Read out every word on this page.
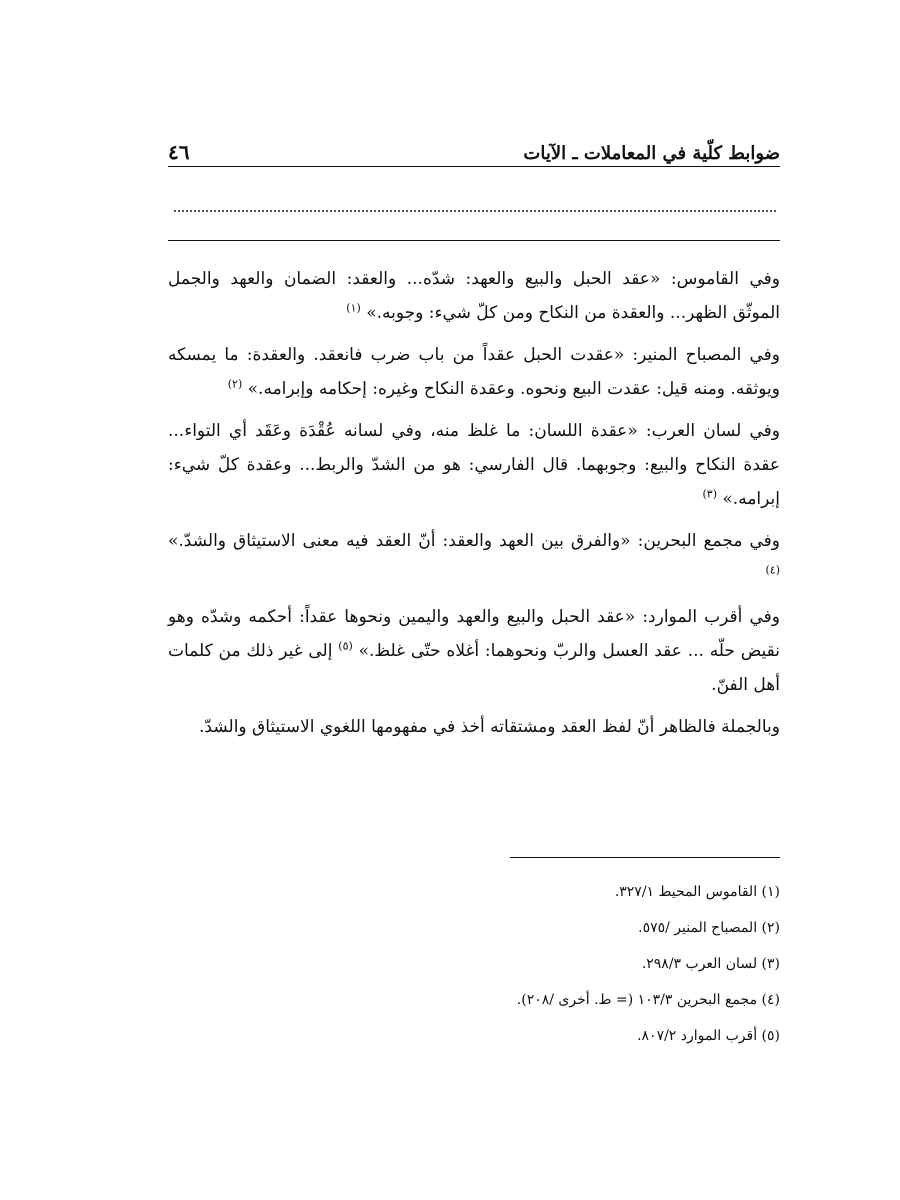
ضوابط كلّية في المعاملات ـ الآيات
٤٦

وفي القاموس: «عقد الحبل والبيع والعهد: شدّه... والعقد: الضمان والعهد والجمل الموثّق الظهر... والعقدة من النكاح ومن كلّ شيء: وجوبه.» $^{(١)}$

وفي المصباح المنير: «عقدت الحبل عقداً من باب ضرب فانعقد. والعقدة: ما يمسكه ويوثقه. ومنه قيل: عقدت البيع ونحوه. وعقدة النكاح وغيره: إحكامه وإبرامه.» $^{(٢)}$

وفي لسان العرب: «عقدة اللسان: ما غلظ منه، وفي لسانه عُقْدَة وعَقَد أي التواء... عقدة النكاح والبيع: وجوبهما. قال الفارسي: هو من الشدّ والربط... وعقدة كلّ شيء: إبرامه.» $^{(٣)}$

وفي مجمع البحرين: «والفرق بين العهد والعقد: أنّ العقد فيه معنى الاستيثاق والشدّ.» $^{(٤)}$

وفي أقرب الموارد: «عقد الحبل والبيع والعهد واليمين ونحوها عقداً: أحكمه وشدّه وهو نقيض حلّه ... عقد العسل والربّ ونحوهما: أغلاه حتّى غلظ.» $^{(٥)}$ إلى غير ذلك من كلمات أهل الفنّ.

وبالجملة فالظاهر أنّ لفظ العقد ومشتقاته أخذ في مفهومها اللغوي الاستيثاق والشدّ.

(١) القاموس المحيط ٣٢٧/١.
(٢) المصباح المنير /٥٧٥.
(٣) لسان العرب ٢٩٨/٣.
(٤) مجمع البحرين ١٠٣/٣ (= ط. أخرى /٢٠٨).
(٥) أقرب الموارد ٨٠٧/٢.
